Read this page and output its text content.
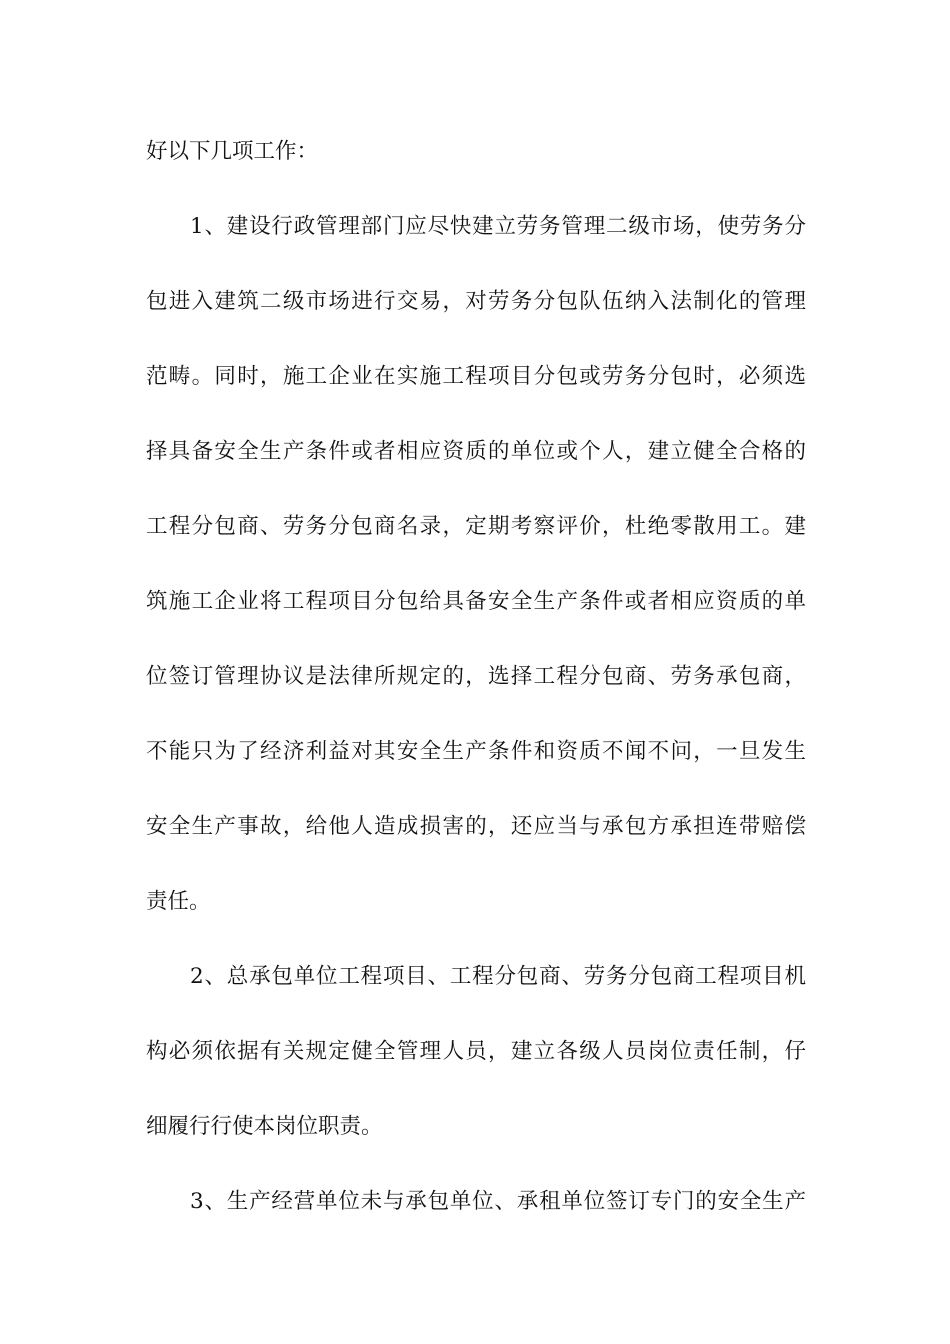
好以下几项工作：
1、建设行政管理部门应尽快建立劳务管理二级市场，使劳务分
包进入建筑二级市场进行交易，对劳务分包队伍纳入法制化的管理
范畴。同时，施工企业在实施工程项目分包或劳务分包时，必须选
择具备安全生产条件或者相应资质的单位或个人，建立健全合格的
工程分包商、劳务分包商名录，定期考察评价，杜绝零散用工。建
筑施工企业将工程项目分包给具备安全生产条件或者相应资质的单
位签订管理协议是法律所规定的，选择工程分包商、劳务承包商，
不能只为了经济利益对其安全生产条件和资质不闻不问，一旦发生
安全生产事故，给他人造成损害的，还应当与承包方承担连带赔偿
责任。
2、总承包单位工程项目、工程分包商、劳务分包商工程项目机
构必须依据有关规定健全管理人员，建立各级人员岗位责任制，仔
细履行行使本岗位职责。
3、生产经营单位未与承包单位、承租单位签订专门的安全生产
